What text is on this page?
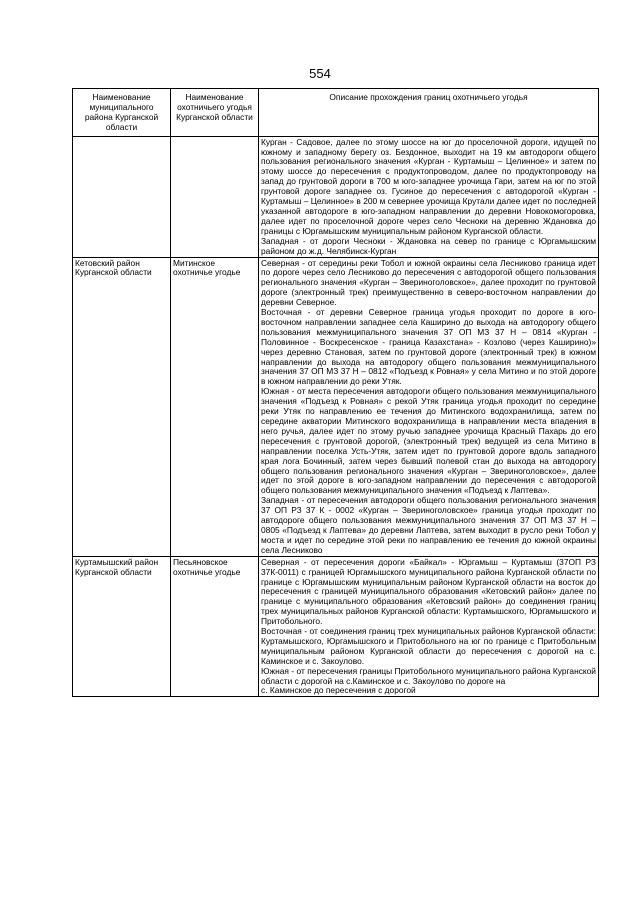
554
Наименование муниципального района Курганской области	Наименование охотничьего угодья Курганской области	Описание прохождения границ охотничьего угодья

		Курган - Садовое, далее по этому шоссе на юг до проселочной дороги, идущей по южному и западному берегу оз. Бездонное, выходит на 19 км автодороги общего пользования регионального значения «Курган - Куртамыш – Целинное» и затем по этому шоссе до пересечения с продуктопроводом, далее по продуктопроводу на запад до грунтовой дороги в 700 м юго-западнее урочища Гари, затем на юг по этой грунтовой дороге западнее оз. Гусиное до пересечения с автодорогой «Курган - Куртамыш – Целинное» в 200 м севернее урочища Крутали далее идет по последней указанной автодороге в юго-западном направлении до деревни Новокомогоровка, далее идет по проселочной дороге через село Чесноки на деревню Ждановка до границы с Юргамышским муниципальным районом Курганской области.

Западная - от дороги Чесноки - Ждановка на север по границе с Юргамышским районом до ж.д. Челябинск-Курган

Кетовский район Курганской области	Митинское охотничье угодье	Северная - от середины реки Тобол и южной окраины села Лесниково граница идет по дороге через село Лесниково до пересечения с автодорогой общего пользования регионального значения «Курган – Звериноголовское», далее проходит по грунтовой дороге (электронный трек) преимущественно в северо-восточном направлении до деревни Северное.

Восточная - от деревни Северное граница угодья проходит по дороге в юго-восточном направлении западнее села Каширино до выхода на автодорогу общего пользования межмуниципального значения 37 ОП МЗ 37 Н – 0814 «Курган - Половинное - Воскресенское - граница Казахстана» - Козлово (через Каширино)» через деревню Становая, затем по грунтовой дороге (электронный трек) в южном направлении до выхода на автодорогу общего пользования межмуниципального значения 37 ОП МЗ 37 Н – 0812 «Подъезд к Ровная» у села Митино и по этой дороге в южном направлении до реки Утяк.

Южная - от места пересечения автодороги общего пользования межмуниципального значения «Подъезд к Ровная» с рекой Утяк граница угодья проходит по середине реки Утяк по направлению ее течения до Митинского водохранилища, затем по середине акватории Митинского водохранилища в направлении места впадения в него ручья, далее идет по этому ручью западнее урочища Красный Пахарь до его пересечения с грунтовой дорогой, (электронный трек) ведущей из села Митино в направлении поселка Усть-Утяк, затем идет по грунтовой дороге вдоль западного края лога Бочинный, затем через бывший полевой стан до выхода на автодорогу общего пользования регионального значения «Курган – Звериноголовское», далее идет по этой дороге в юго-западном направлении до пересечения с автодорогой общего пользования межмуниципального значения «Подъезд к Лаптева».

Западная - от пересечения автодороги общего пользования регионального значения 37 ОП РЗ 37 К - 0002 «Курган – Звериноголовское» граница угодья проходит по автодороге общего пользования межмуниципального значения 37 ОП МЗ 37 Н – 0805 «Подъезд к Лаптева» до деревни Лаптева, затем выходит в русло реки Тобол у моста и идет по середине этой реки по направлению ее течения до южной окраины села Лесниково

Куртамышский район Курганской области	Песьяновское охотничье угодье	Северная - от пересечения дороги «Байкал» - Юргамыш – Куртамыш (37ОП РЗ 37К-0011) с границей Юргамышского муниципального района Курганской области по границе с Юргамышским муниципальным районом Курганской области на восток до пересечения с границей муниципального образования «Кетовский район» далее по границе с муниципального образования «Кетовский район» до соединения границ трех муниципальных районов Курганской области: Куртамышского, Юргамышского и Притобольного.

Восточная - от соединения границ трех муниципальных районов Курганской области: Куртамышского, Юргамышского и Притобольного на юг по границе с Притобольным муниципальным районом Курганской области до пересечения с дорогой на с. Каминское и с. Закоулово.

Южная - от пересечения границы Притобольного муниципального района Курганской области с дорогой на с.Каминское и с. Закоулово по дороге на

с. Каминское до пересечения с дорогой
